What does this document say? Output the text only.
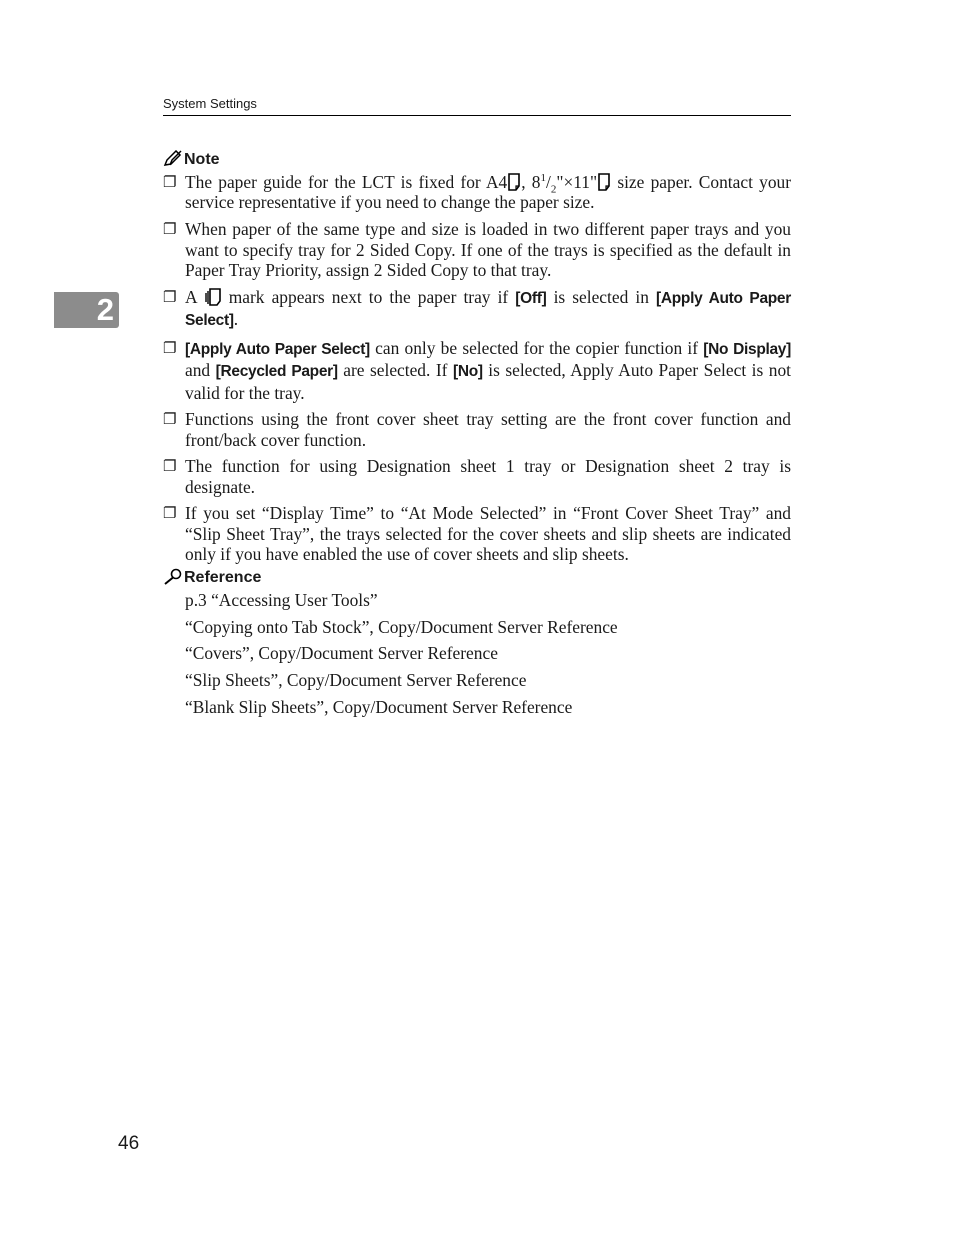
System Settings
2
Note
❐ The paper guide for the LCT is fixed for A4 , $8^1/_2"\times 11$" size paper. Contact your service representative if you need to change the paper size.
❐ When paper of the same type and size is loaded in two different paper trays and you want to specify tray for 2 Sided Copy. If one of the trays is specified as the default in Paper Tray Priority, assign 2 Sided Copy to that tray.
❐ A  mark appears next to the paper tray if [Off] is selected in [Apply Auto Paper Select].
❐ [Apply Auto Paper Select] can only be selected for the copier function if [No Display] and [Recycled Paper] are selected. If [No] is selected, Apply Auto Paper Select is not valid for the tray.
❐ Functions using the front cover sheet tray setting are the front cover function and front/back cover function.
❐ The function for using Designation sheet 1 tray or Designation sheet 2 tray is designate.
❐ If you set “Display Time” to “At Mode Selected” in “Front Cover Sheet Tray” and “Slip Sheet Tray”, the trays selected for the cover sheets and slip sheets are indicated only if you have enabled the use of cover sheets and slip sheets.
Reference
p.3 “Accessing User Tools”
“Copying onto Tab Stock”, Copy/Document Server Reference
“Covers”, Copy/Document Server Reference
“Slip Sheets”, Copy/Document Server Reference
“Blank Slip Sheets”, Copy/Document Server Reference
46
